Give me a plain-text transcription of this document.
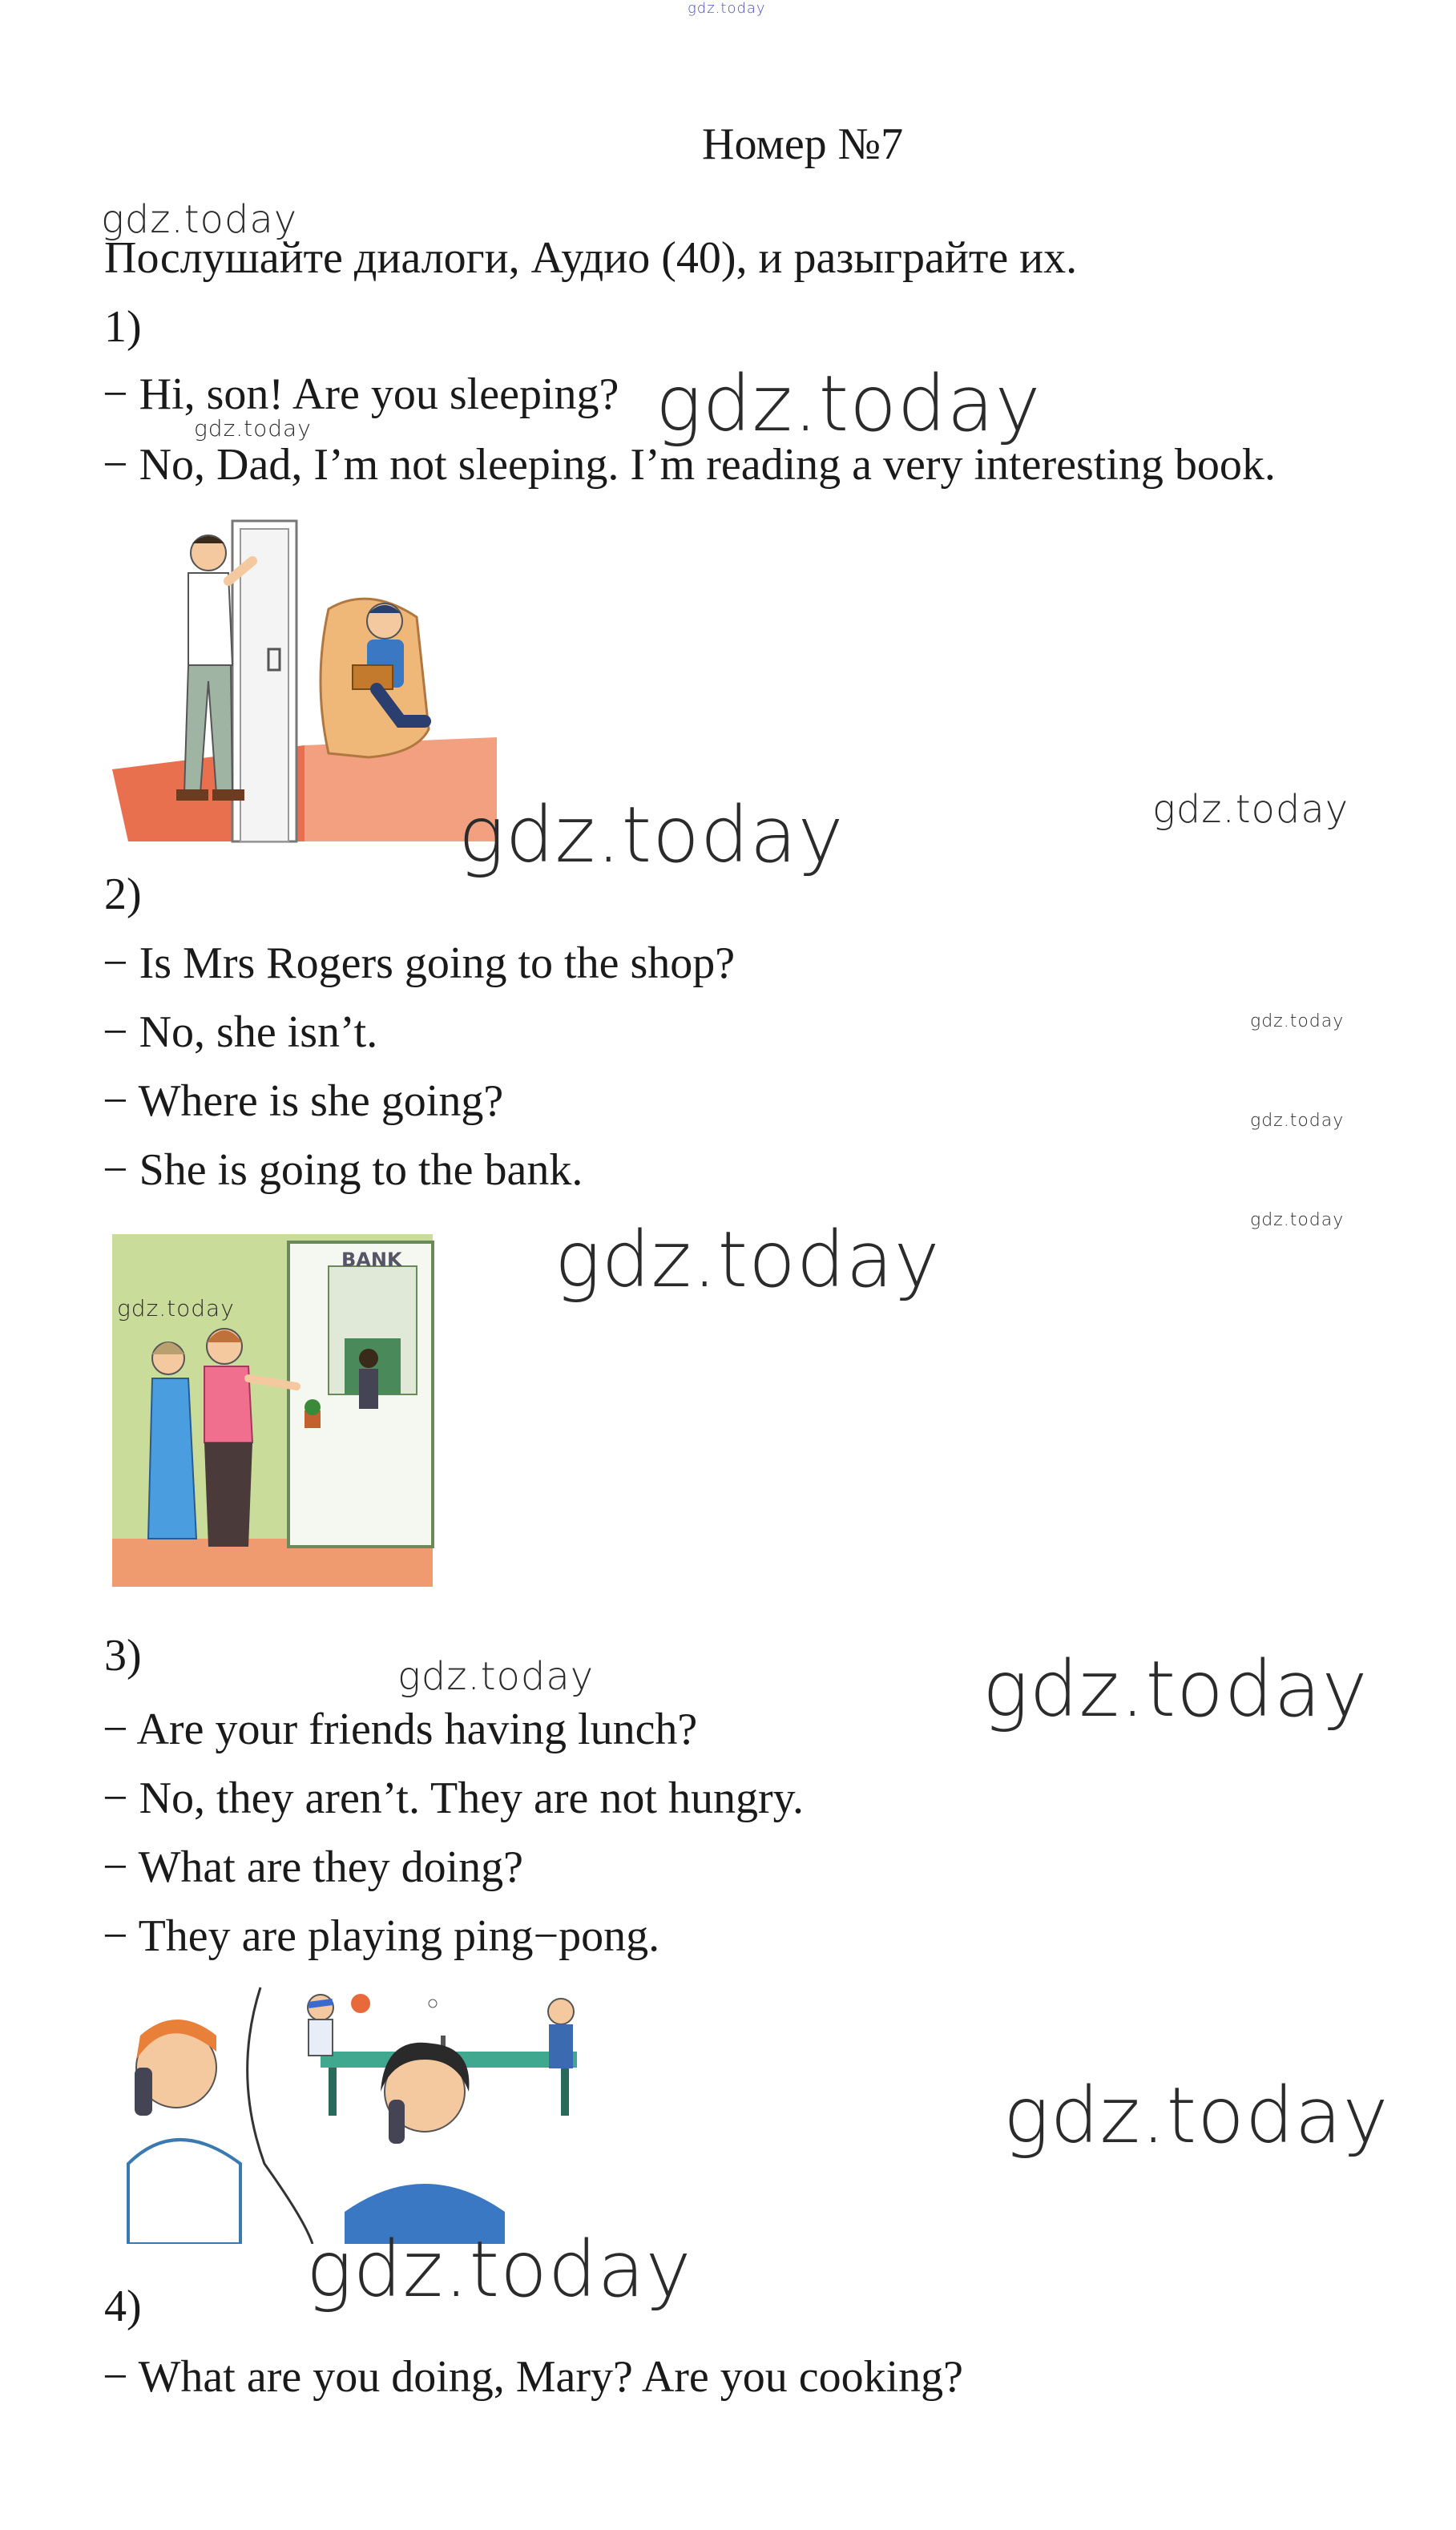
gdz.today
Номер №7
gdz.today
Послушайте диалоги, Аудио (40), и разыграйте их.
1)
− Hi, son! Are you sleeping? gdz.today
gdz.today
− No, Dad, I’m not sleeping. I’m reading a very interesting book.
gdz.today	gdz.today
2)
− Is Mrs Rogers going to the shop?
− No, she isn’t.	gdz.today
− Where is she going?	gdz.today
− She is going to the bank.
gdz.today
BANK
gdz.today
gdz.today
3)	gdz.today	gdz.today
− Are your friends having lunch?
− No, they aren’t. They are not hungry.
− What are they doing?
− They are playing ping−pong.
gdz.today
gdz.today
4)
− What are you doing, Mary? Are you cooking?
